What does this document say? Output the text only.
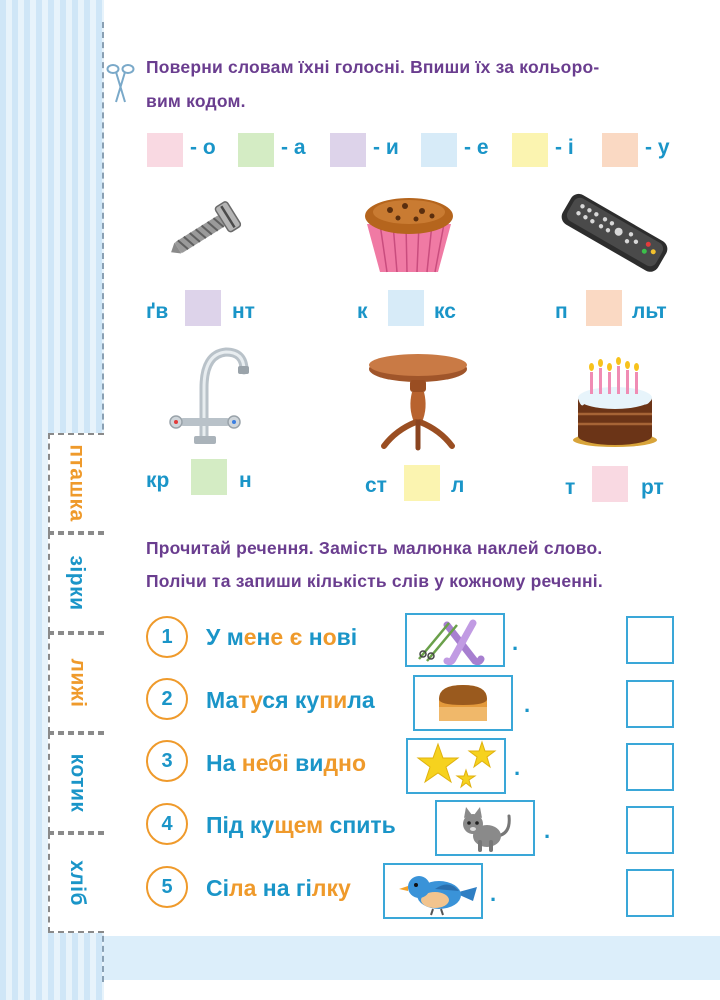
Поверни словам їхні голосні. Впиши їх за кольоро-
вим кодом.
- о	- а	- и	- е	- і	- у
ґв	нт	к	кс	п	льт
кр	н	ст	л	т	рт
пташка
зірки
лижі
котик
хліб
Прочитай речення. Замість малюнка наклей слово.
Полічи та запиши кількість слів у кожному реченні.
1	У мене є нові	.
2	Матуся купила	.
3	На небі видно	.
4	Під кущем спить	.
5	Сіла на гілку	.
